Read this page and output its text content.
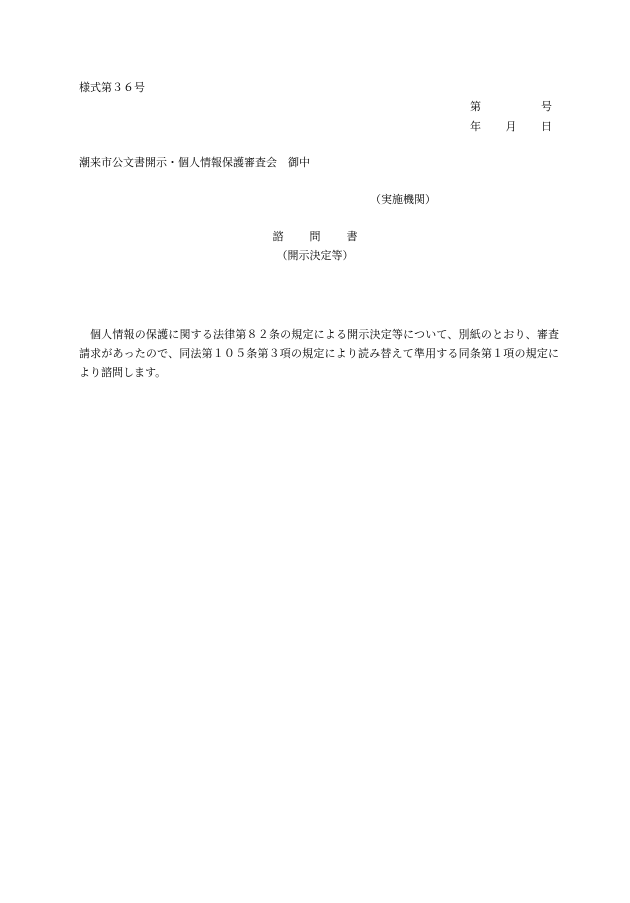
様式第３６号
第	号
年 月 日
潮来市公文書開示・個人情報保護審査会　御中
（実施機関）
諮 問 書
（開示決定等）
個人情報の保護に関する法律第８２条の規定による開示決定等について、別紙のとおり、審査請求があったので、同法第１０５条第３項の規定により読み替えて準用する同条第１項の規定により諮問します。
